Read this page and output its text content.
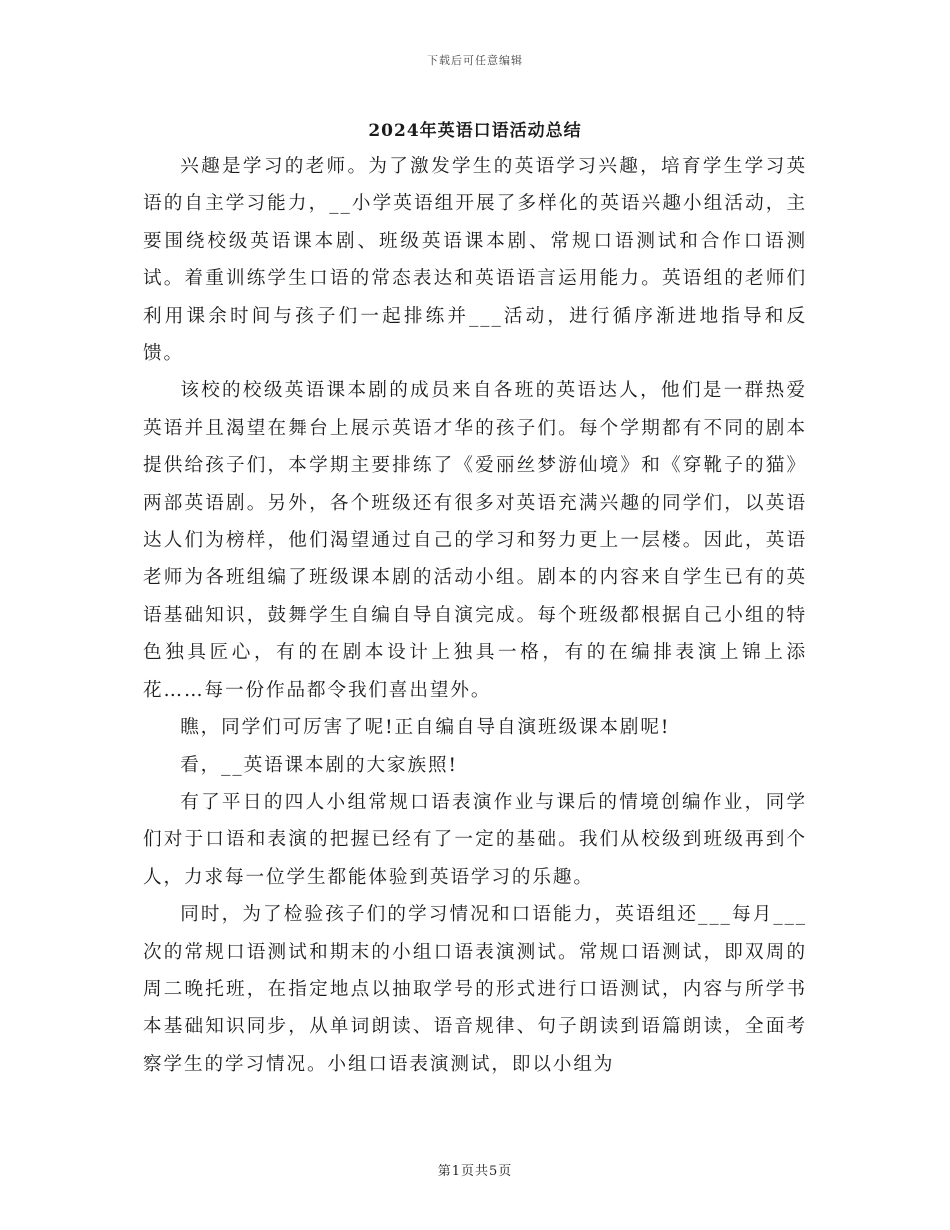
下载后可任意编辑
2024年英语口语活动总结

兴趣是学习的老师。为了激发学生的英语学习兴趣，培育学生学习英语的自主学习能力，__小学英语组开展了多样化的英语兴趣小组活动，主要围绕校级英语课本剧、班级英语课本剧、常规口语测试和合作口语测试。着重训练学生口语的常态表达和英语语言运用能力。英语组的老师们利用课余时间与孩子们一起排练并___活动，进行循序渐进地指导和反馈。

该校的校级英语课本剧的成员来自各班的英语达人，他们是一群热爱英语并且渴望在舞台上展示英语才华的孩子们。每个学期都有不同的剧本提供给孩子们，本学期主要排练了《爱丽丝梦游仙境》和《穿靴子的猫》两部英语剧。另外，各个班级还有很多对英语充满兴趣的同学们，以英语达人们为榜样，他们渴望通过自己的学习和努力更上一层楼。因此，英语老师为各班组编了班级课本剧的活动小组。剧本的内容来自学生已有的英语基础知识，鼓舞学生自编自导自演完成。每个班级都根据自己小组的特色独具匠心，有的在剧本设计上独具一格，有的在编排表演上锦上添花……每一份作品都令我们喜出望外。

瞧，同学们可厉害了呢!正自编自导自演班级课本剧呢!

看，__英语课本剧的大家族照!

有了平日的四人小组常规口语表演作业与课后的情境创编作业，同学们对于口语和表演的把握已经有了一定的基础。我们从校级到班级再到个人，力求每一位学生都能体验到英语学习的乐趣。

同时，为了检验孩子们的学习情况和口语能力，英语组还___每月___次的常规口语测试和期末的小组口语表演测试。常规口语测试，即双周的周二晚托班，在指定地点以抽取学号的形式进行口语测试，内容与所学书本基础知识同步，从单词朗读、语音规律、句子朗读到语篇朗读，全面考察学生的学习情况。小组口语表演测试，即以小组为

第1页共5页
